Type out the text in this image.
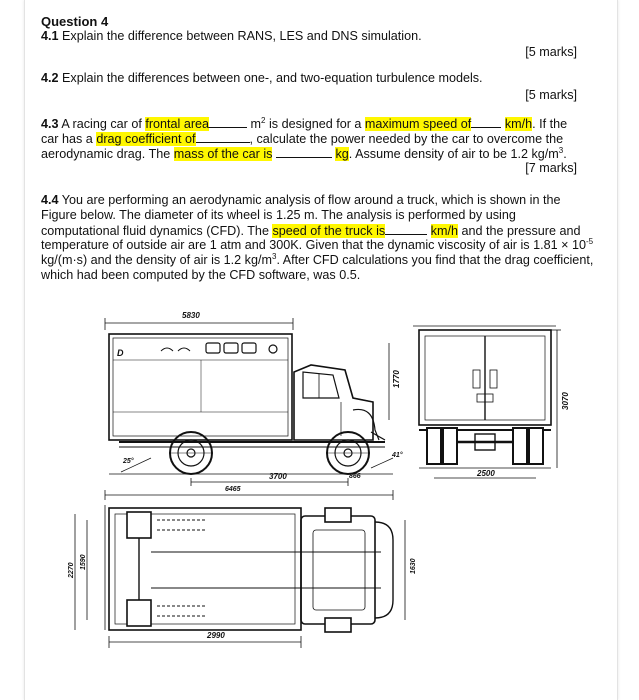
Question 4
4.1 Explain the difference between RANS, LES and DNS simulation.
[5 marks]
4.2 Explain the differences between one-, and two-equation turbulence models.
[5 marks]
4.3 A racing car of frontal area	$m^2$ is designed for a maximum speed of	km/h. If the
car has a drag coefficient of	, calculate the power needed by the car to overcome the
aerodynamic drag. The mass of the car is	kg. Assume density of air to be 1.2 $kg/m^3$.
[7 marks]
4.4 You are performing an aerodynamic analysis of flow around a truck, which is shown in the
Figure below. The diameter of its wheel is 1.25 m. The analysis is performed by using
computational fluid dynamics (CFD). The speed of the truck is	km/h and the pressure and
temperature of outside air are 1 atm and 300K. Given that the dynamic viscosity of air is $1.81 \times 10^{-5}$
kg/(m·s) and the density of air is 1.2 $kg/m^3$. After CFD calculations you find that the drag coefficient,
which had been computed by the CFD software, was 0.5.
5830
D
1770
25°
41°
3700	866
6465
3070
2500
2270
1590	1630
2990
